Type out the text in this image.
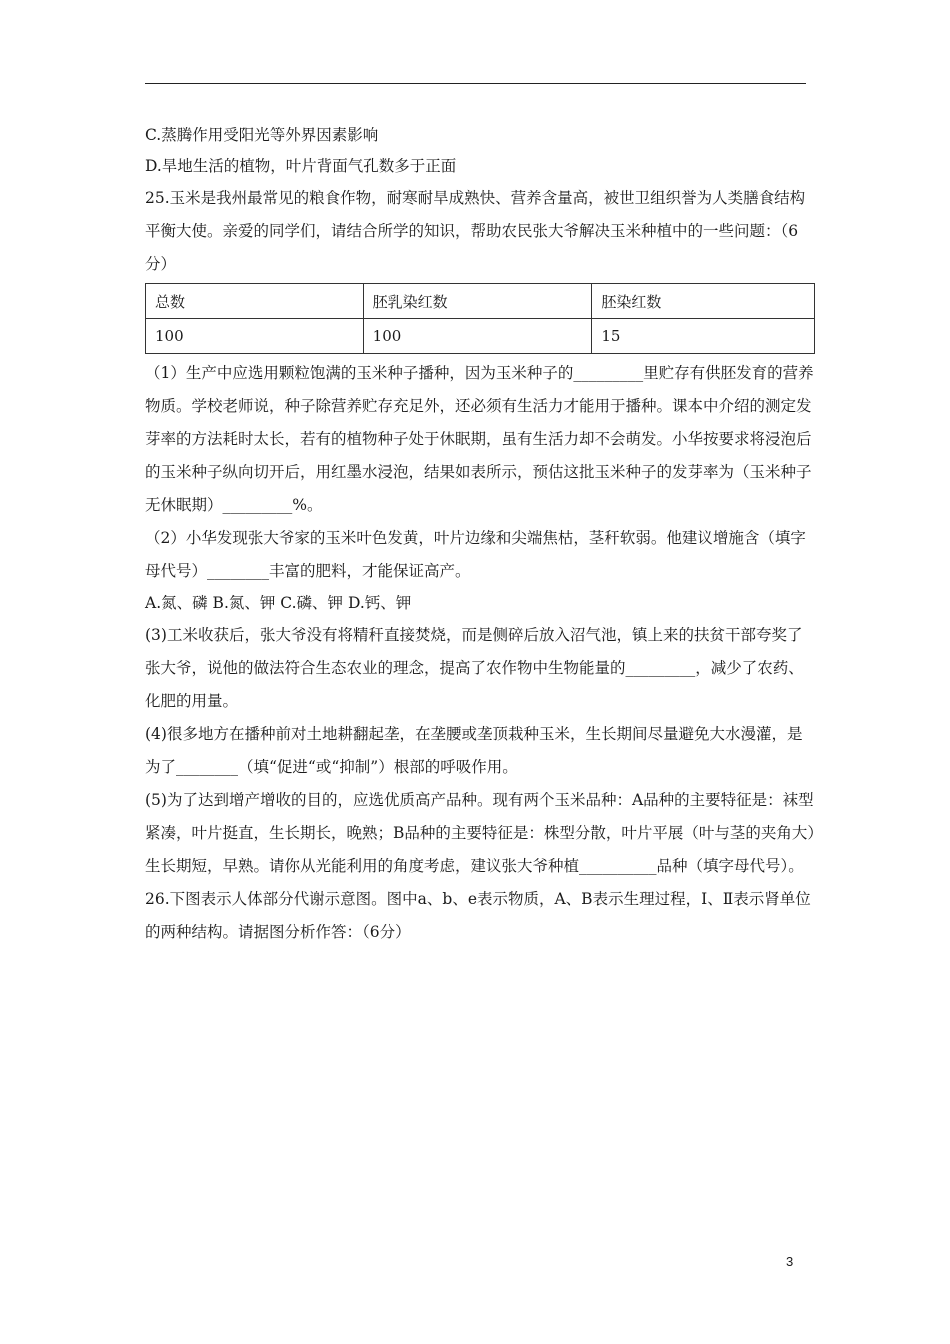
C.蒸腾作用受阳光等外界因素影响

D.旱地生活的植物，叶片背面气孔数多于正面

25.玉米是我州最常见的粮食作物，耐寒耐旱成熟快、营养含量高，被世卫组织誉为人类膳食结构平衡大使。亲爱的同学们，请结合所学的知识，帮助农民张大爷解决玉米种植中的一些问题：（6分）

总数	胚乳染红数	胚染红数
100	100	15

（1）生产中应选用颗粒饱满的玉米种子播种，因为玉米种子的_________里贮存有供胚发育的营养物质。学校老师说，种子除营养贮存充足外，还必须有生活力才能用于播种。课本中介绍的测定发芽率的方法耗时太长，若有的植物种子处于休眠期，虽有生活力却不会萌发。小华按要求将浸泡后的玉米种子纵向切开后，用红墨水浸泡，结果如表所示，预估这批玉米种子的发芽率为（玉米种子无休眠期）_________%。

（2）小华发现张大爷家的玉米叶色发黄，叶片边缘和尖端焦枯，茎秆软弱。他建议增施含（填字母代号）________丰富的肥料，才能保证高产。

A.氮、磷 B.氮、钾 C.磷、钾 D.钙、钾

(3)工米收获后，张大爷没有将精秆直接焚烧，而是侧碎后放入沼气池，镇上来的扶贫干部夸奖了张大爷，说他的做法符合生态农业的理念，提高了农作物中生物能量的_________，减少了农药、化肥的用量。

(4)很多地方在播种前对土地耕翻起垄，在垄腰或垄顶栽种玉米，生长期间尽量避免大水漫灌，是为了________（填“促进“或“抑制”）根部的呼吸作用。

(5)为了达到增产增收的目的，应选优质高产品种。现有两个玉米品种：A品种的主要特征是：袜型紧凑，叶片挺直，生长期长，晚熟；B品种的主要特征是：株型分散，叶片平展（叶与茎的夹角大）生长期短，早熟。请你从光能利用的角度考虑，建议张大爷种植__________品种（填字母代号）。

26.下图表示人体部分代谢示意图。图中a、b、e表示物质，A、B表示生理过程，I、Ⅱ表示肾单位的两种结构。请据图分析作答：（6分）

3
